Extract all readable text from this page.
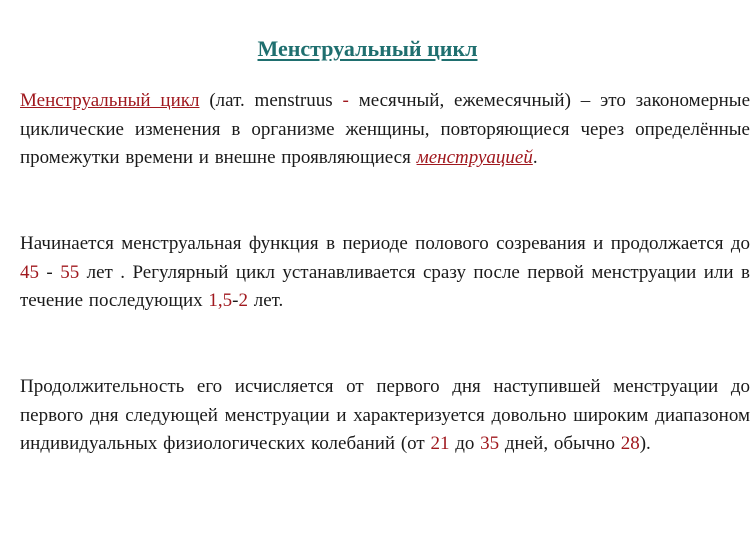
Менструальный цикл

Менструальный цикл (лат. menstruus - месячный, ежемесячный) – это закономерные циклические изменения в организме женщины, повторяющиеся через определённые промежутки времени и внешне проявляющиеся менструацией.

Начинается менструальная функция в периоде полового созревания и продолжается до 45 - 55 лет . Регулярный цикл устанавливается сразу после первой менструации или в течение последующих 1,5-2 лет.

Продолжительность его исчисляется от первого дня наступившей менструации до первого дня следующей менструации и характеризуется довольно широким диапазоном индивидуальных физиологических колебаний (от 21 до 35 дней, обычно 28).
